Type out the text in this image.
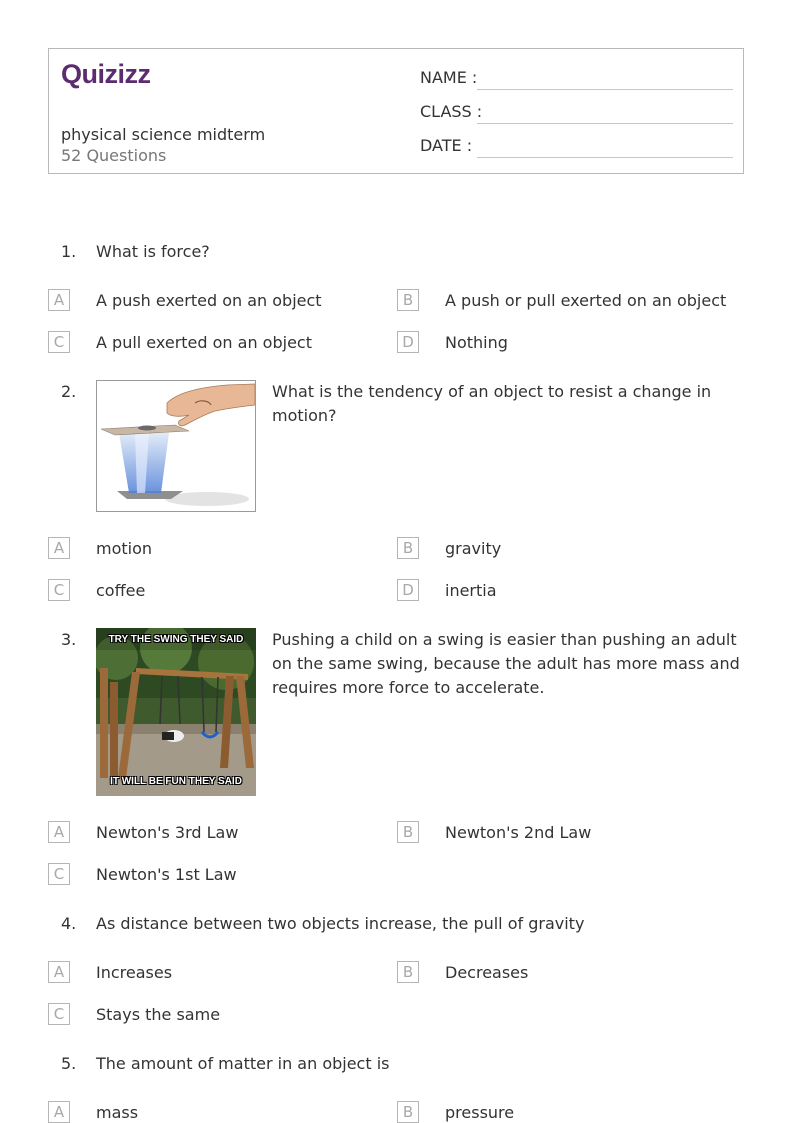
Quizizz
physical science midterm
52 Questions
NAME :
CLASS :
DATE :
1. What is force?
A	A push exerted on an object	B	A push or pull exerted on an object
C	A pull exerted on an object	D	Nothing
2.	What is the tendency of an object to resist a change in motion?
A	motion	B	gravity
C	coffee	D	inertia
3.	TRY THE SWING THEY SAID
IT WILL BE FUN THEY SAID
Pushing a child on a swing is easier than pushing an adult on the same swing, because the adult has more mass and requires more force to accelerate.
A	Newton's 3rd Law	B	Newton's 2nd Law
C	Newton's 1st Law
4. As distance between two objects increase, the pull of gravity
A	Increases	B	Decreases
C	Stays the same
5. The amount of matter in an object is
A	mass	B	pressure
